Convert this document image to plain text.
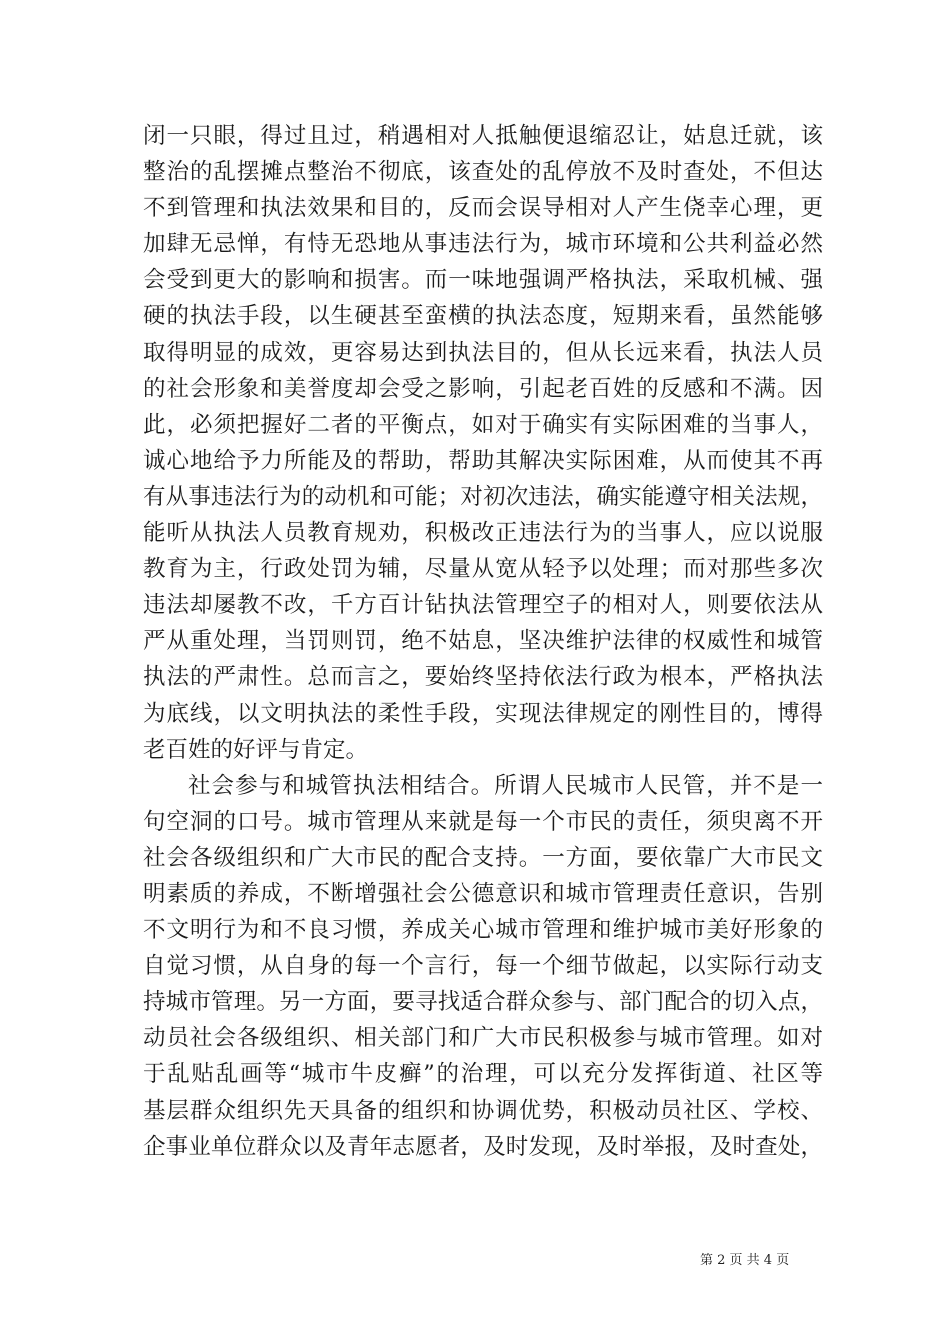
闭一只眼，得过且过，稍遇相对人抵触便退缩忍让，姑息迁就，该
整治的乱摆摊点整治不彻底，该查处的乱停放不及时查处，不但达
不到管理和执法效果和目的，反而会误导相对人产生侥幸心理，更
加肆无忌惮，有恃无恐地从事违法行为，城市环境和公共利益必然
会受到更大的影响和损害。而一味地强调严格执法，采取机械、强
硬的执法手段，以生硬甚至蛮横的执法态度，短期来看，虽然能够
取得明显的成效，更容易达到执法目的，但从长远来看，执法人员
的社会形象和美誉度却会受之影响，引起老百姓的反感和不满。因
此，必须把握好二者的平衡点，如对于确实有实际困难的当事人，
诚心地给予力所能及的帮助，帮助其解决实际困难，从而使其不再
有从事违法行为的动机和可能；对初次违法，确实能遵守相关法规，
能听从执法人员教育规劝，积极改正违法行为的当事人，应以说服
教育为主，行政处罚为辅，尽量从宽从轻予以处理；而对那些多次
违法却屡教不改，千方百计钻执法管理空子的相对人，则要依法从
严从重处理，当罚则罚，绝不姑息，坚决维护法律的权威性和城管
执法的严肃性。总而言之，要始终坚持依法行政为根本，严格执法
为底线，以文明执法的柔性手段，实现法律规定的刚性目的，博得
老百姓的好评与肯定。
社会参与和城管执法相结合。所谓人民城市人民管，并不是一
句空洞的口号。城市管理从来就是每一个市民的责任，须臾离不开
社会各级组织和广大市民的配合支持。一方面，要依靠广大市民文
明素质的养成，不断增强社会公德意识和城市管理责任意识，告别
不文明行为和不良习惯，养成关心城市管理和维护城市美好形象的
自觉习惯，从自身的每一个言行，每一个细节做起，以实际行动支
持城市管理。另一方面，要寻找适合群众参与、部门配合的切入点，
动员社会各级组织、相关部门和广大市民积极参与城市管理。如对
于乱贴乱画等“城市牛皮癣”的治理，可以充分发挥街道、社区等
基层群众组织先天具备的组织和协调优势，积极动员社区、学校、
企事业单位群众以及青年志愿者，及时发现，及时举报，及时查处，
第 2 页 共 4 页
